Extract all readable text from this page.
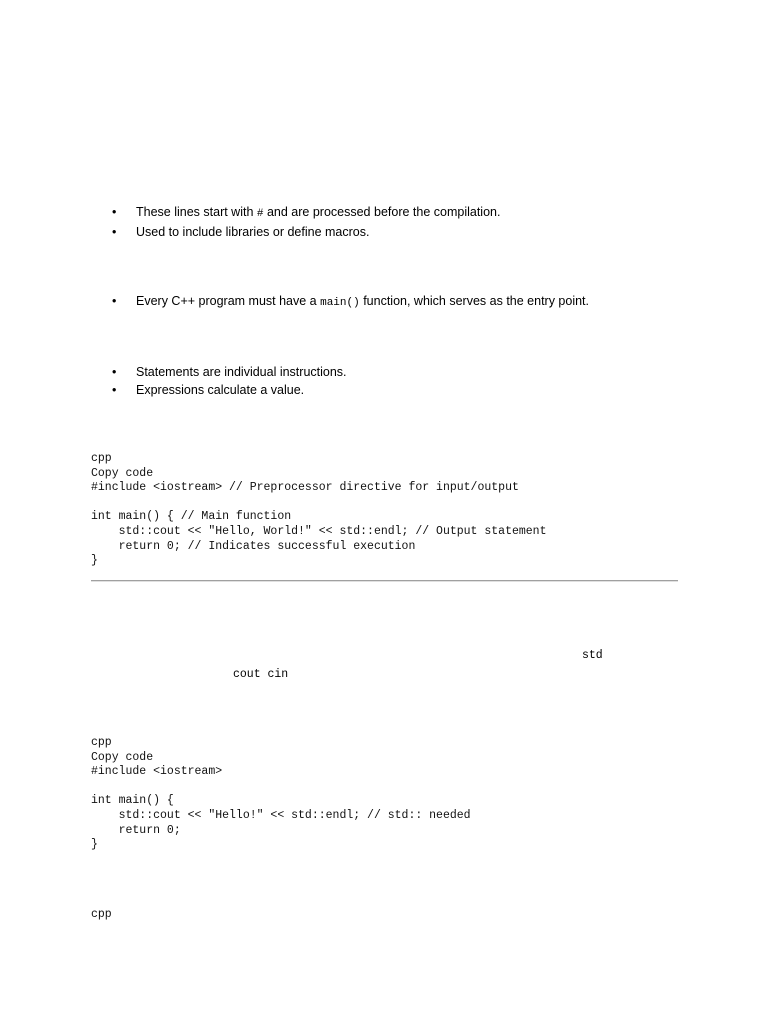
•	These lines start with # and are processed before the compilation.
•	Used to include libraries or define macros.
•	Every C++ program must have a main() function, which serves as the entry point.
•	Statements are individual instructions.
•	Expressions calculate a value.
cpp
Copy code
#include <iostream> // Preprocessor directive for input/output

int main() { // Main function
std::cout << "Hello, World!" << std::endl; // Output statement
return 0; // Indicates successful execution
}
std
cout cin
cpp
Copy code
#include <iostream>

int main() {
std::cout << "Hello!" << std::endl; // std:: needed
return 0;
}
cpp
